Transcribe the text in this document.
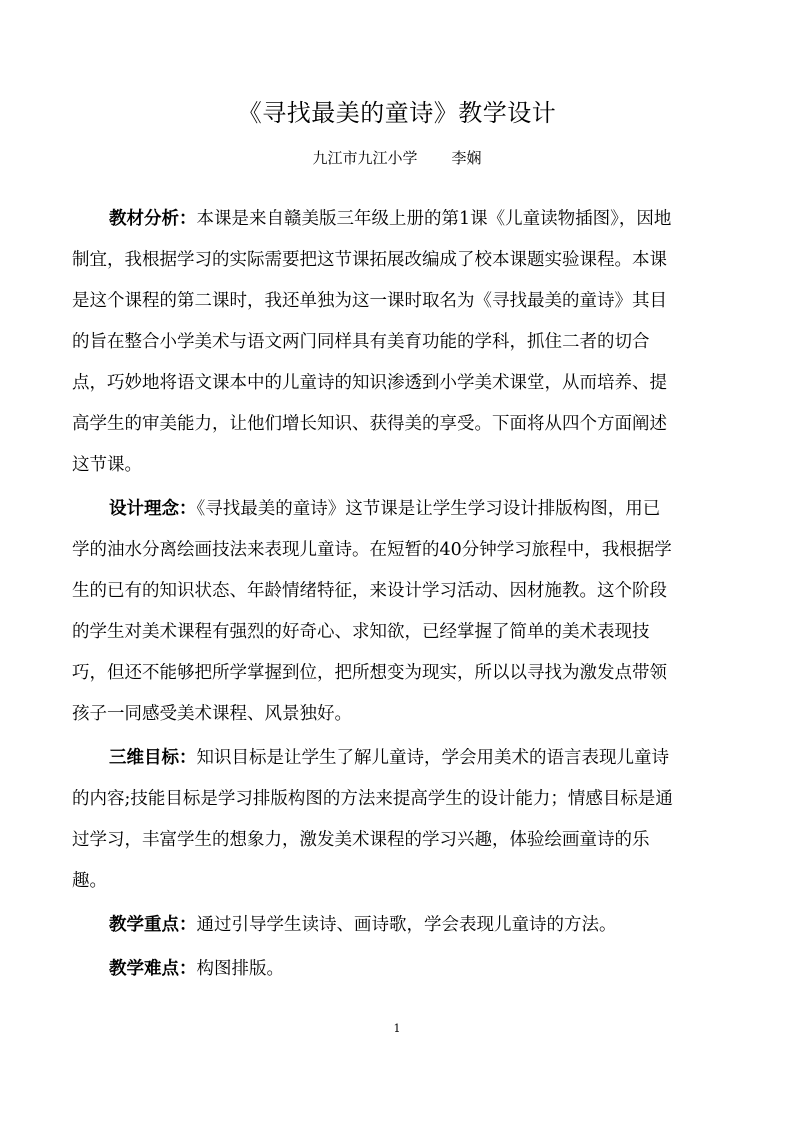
《寻找最美的童诗》教学设计
九江市九江小学 李娴
教材分析：本课是来自赣美版三年级上册的第1课《儿童读物插图》，因地
制宜，我根据学习的实际需要把这节课拓展改编成了校本课题实验课程。本课
是这个课程的第二课时，我还单独为这一课时取名为《寻找最美的童诗》其目
的旨在整合小学美术与语文两门同样具有美育功能的学科，抓住二者的切合
点，巧妙地将语文课本中的儿童诗的知识渗透到小学美术课堂，从而培养、提
高学生的审美能力，让他们增长知识、获得美的享受。下面将从四个方面阐述
这节课。
设计理念：《寻找最美的童诗》这节课是让学生学习设计排版构图，用已
学的油水分离绘画技法来表现儿童诗。在短暂的40分钟学习旅程中，我根据学
生的已有的知识状态、年龄情绪特征，来设计学习活动、因材施教。这个阶段
的学生对美术课程有强烈的好奇心、求知欲，已经掌握了简单的美术表现技
巧，但还不能够把所学掌握到位，把所想变为现实，所以以寻找为激发点带领
孩子一同感受美术课程、风景独好。
三维目标：知识目标是让学生了解儿童诗，学会用美术的语言表现儿童诗
的内容;技能目标是学习排版构图的方法来提高学生的设计能力；情感目标是通
过学习，丰富学生的想象力，激发美术课程的学习兴趣，体验绘画童诗的乐
趣。
教学重点：通过引导学生读诗、画诗歌，学会表现儿童诗的方法。
教学难点：构图排版。
1
